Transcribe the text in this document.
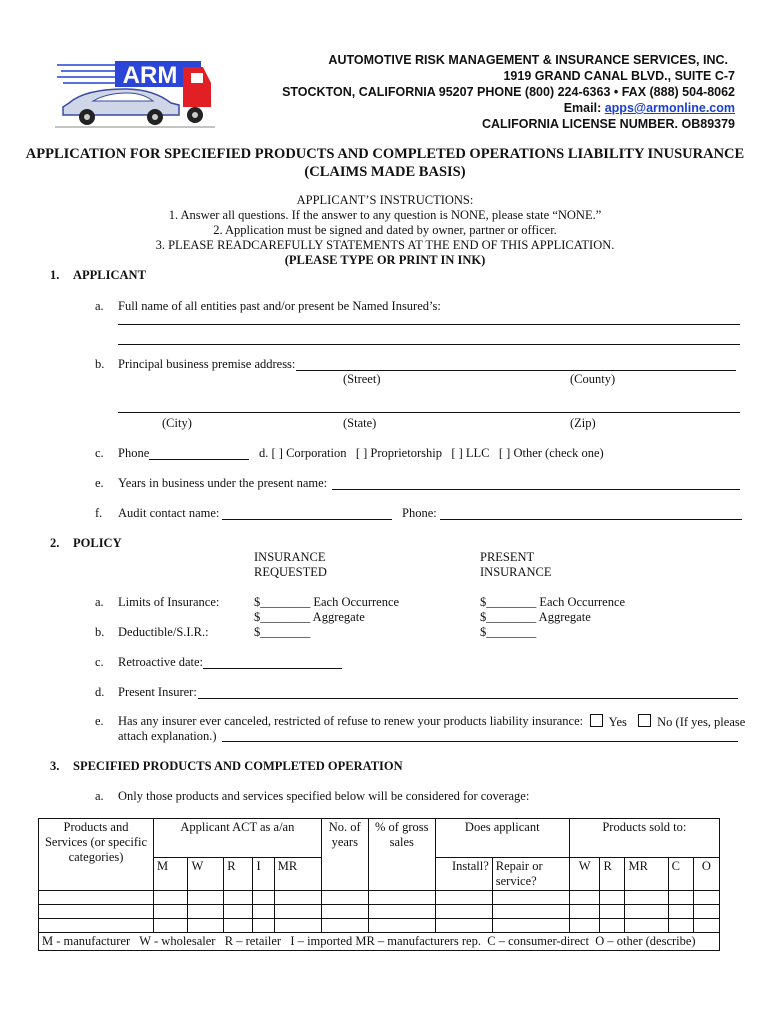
ARM
AUTOMOTIVE RISK MANAGEMENT & INSURANCE SERVICES, INC.
1919 GRAND CANAL BLVD., SUITE C-7
STOCKTON, CALIFORNIA 95207 PHONE (800) 224-6363 • FAX (888) 504-8062
Email: apps@armonline.com
CALIFORNIA LICENSE NUMBER. OB89379
APPLICATION FOR SPECIEFIED PRODUCTS AND COMPLETED OPERATIONS LIABILITY INUSURANCE
(CLAIMS MADE BASIS)
APPLICANT’S INSTRUCTIONS:
1. Answer all questions. If the answer to any question is NONE, please state “NONE.”
2. Application must be signed and dated by owner, partner or officer.
3. PLEASE READCAREFULLY STATEMENTS AT THE END OF THIS APPLICATION.
(PLEASE TYPE OR PRINT IN INK)
1. APPLICANT
a. Full name of all entities past and/or present be Named Insured’s:
b. Principal business premise address:
(Street)	(County)
(City)	(State)	(Zip)
c. Phone	d. [ ] Corporation   [ ] Proprietorship   [ ] LLC   [ ] Other (check one)
e. Years in business under the present name:
f. Audit contact name:	Phone:
2. POLICY
INSURANCE
REQUESTED
PRESENT
INSURANCE
a. Limits of Insurance:	$________ Each Occurrence	$________ Each Occurrence
$________ Aggregate	$________ Aggregate
b. Deductible/S.I.R.:	$________	$________
c. Retroactive date:
d. Present Insurer:
e. Has any insurer ever canceled, restricted of refuse to renew your products liability insurance:	Yes	No (If yes, please
attach explanation.)
3. SPECIFIED PRODUCTS AND COMPLETED OPERATION
a. Only those products and services specified below will be considered for coverage:
Products and Services (or specific categories)	Applicant ACT as a/an					No. of years	% of gross sales	Does applicant		Products sold to:				
	M	W	R	I	MR			Install?	Repair or service?	W	R	MR	C	O

M - manufacturer   W - wholesaler   R – retailer   I – imported MR – manufacturers rep.  C – consumer-direct  O – other (describe)														
